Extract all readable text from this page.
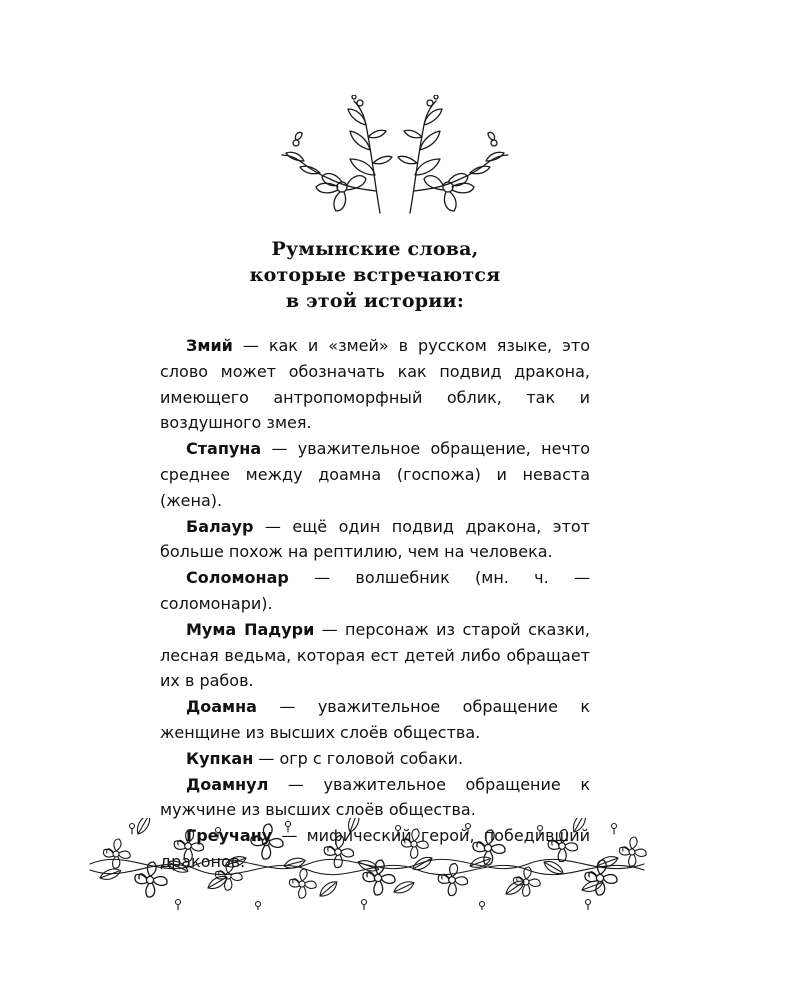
Румынские слова,
которые встречаются
в этой истории:

Змий — как и «змей» в русском языке, это слово может обозначать как подвид дракона, имеющего антропоморфный облик, так и воздушного змея.

Стапуна — уважительное обращение, нечто среднее между доамна (госпожа) и неваста (жена).

Балаур — ещё один подвид дракона, этот больше похож на рептилию, чем на человека.

Соломонар — волшебник (мн. ч. — соломонари).

Мума Падури — персонаж из старой сказки, лесная ведьма, которая ест детей либо обращает их в рабов.

Доамна — уважительное обращение к женщине из высших слоёв общества.

Купкан — огр с головой собаки.

Доамнул — уважительное обращение к мужчине из высших слоёв общества.

Греучану — мифический герой, победивший драконов.
